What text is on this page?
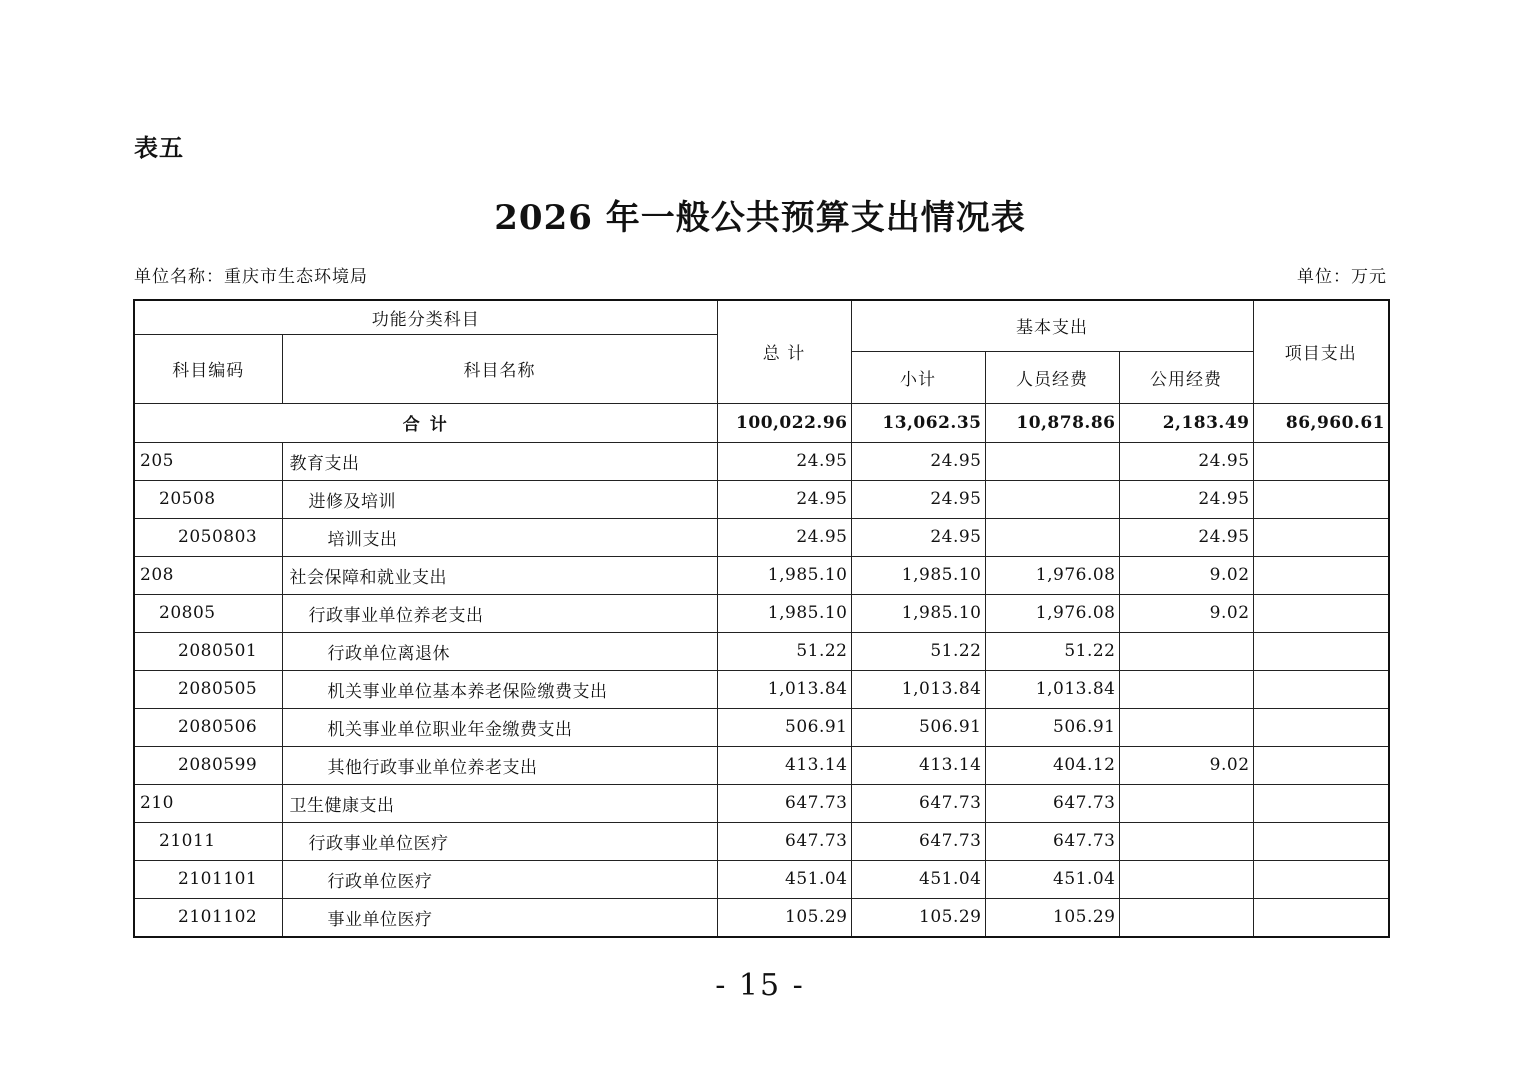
表五
2026 年一般公共预算支出情况表
单位名称：重庆市生态环境局	单位：万元
功能分类科目		总 计	基本支出			项目支出
科目编码	科目名称					
			小计	人员经费	公用经费	
合 计		100,022.96	13,062.35	10,878.86	2,183.49	86,960.61
205	教育支出	24.95	24.95		24.95	
20508	进修及培训	24.95	24.95		24.95	
2050803	培训支出	24.95	24.95		24.95	
208	社会保障和就业支出	1,985.10	1,985.10	1,976.08	9.02	
20805	行政事业单位养老支出	1,985.10	1,985.10	1,976.08	9.02	
2080501	行政单位离退休	51.22	51.22	51.22		
2080505	机关事业单位基本养老保险缴费支出	1,013.84	1,013.84	1,013.84		
2080506	机关事业单位职业年金缴费支出	506.91	506.91	506.91		
2080599	其他行政事业单位养老支出	413.14	413.14	404.12	9.02	
210	卫生健康支出	647.73	647.73	647.73		
21011	行政事业单位医疗	647.73	647.73	647.73		
2101101	行政单位医疗	451.04	451.04	451.04		
2101102	事业单位医疗	105.29	105.29	105.29		
- 15 -
